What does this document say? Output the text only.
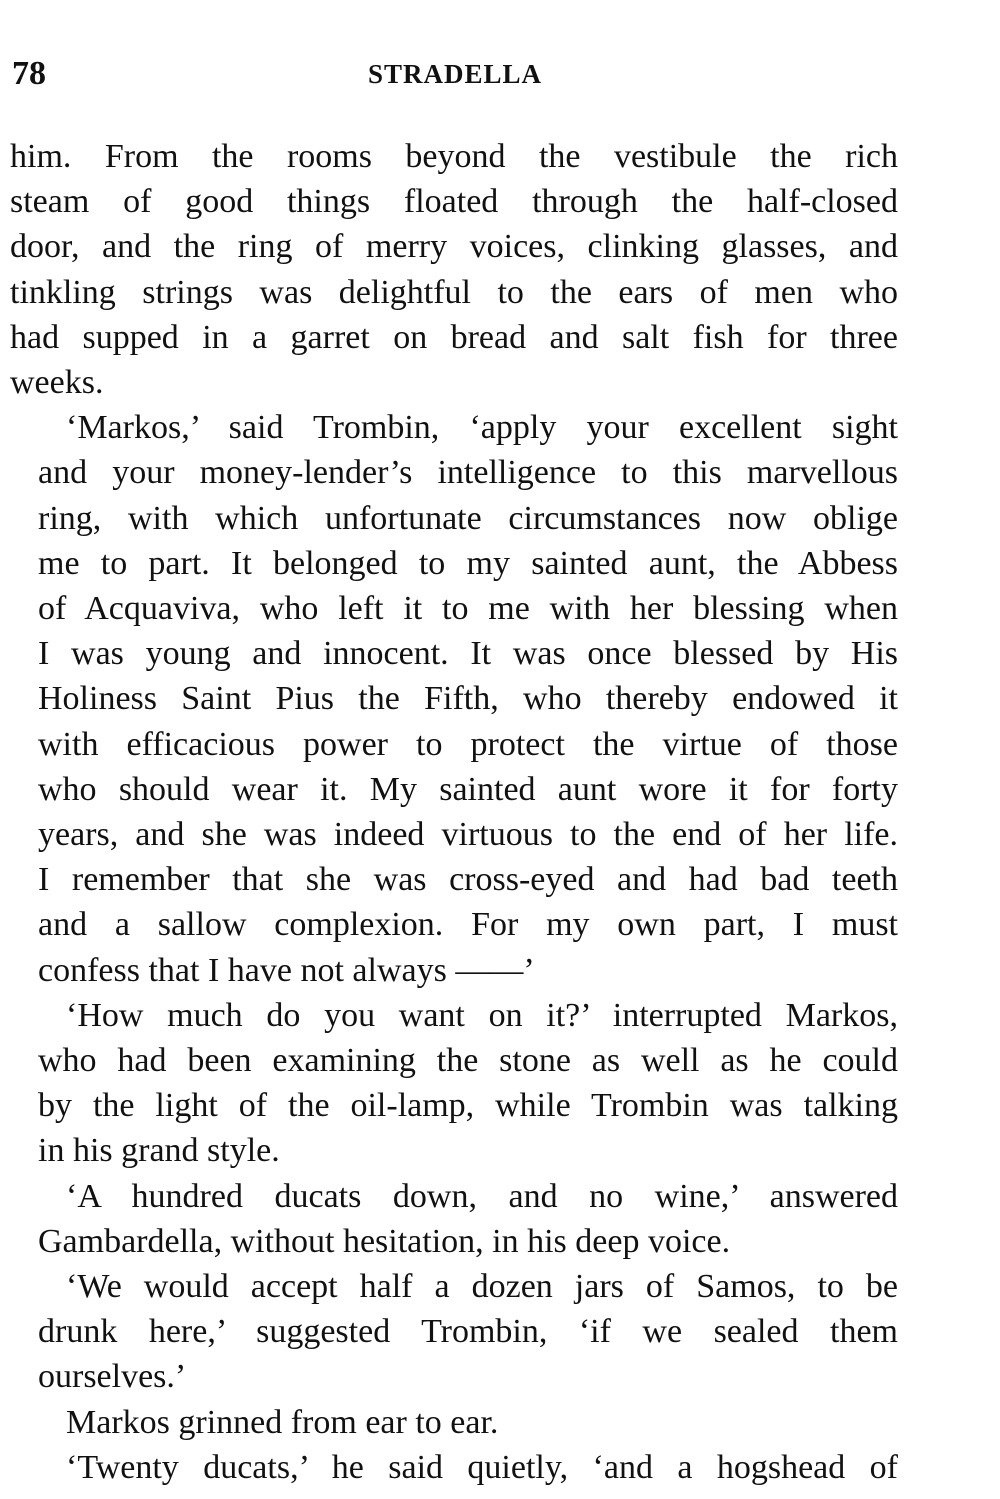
78	STRADELLA
him. From the rooms beyond the vestibule the rich
steam of good things floated through the half-closed
door, and the ring of merry voices, clinking glasses, and
tinkling strings was delightful to the ears of men who
had supped in a garret on bread and salt fish for three
weeks.
‘Markos,’ said Trombin, ‘apply your excellent sight
and your money-lender’s intelligence to this marvellous
ring, with which unfortunate circumstances now oblige
me to part. It belonged to my sainted aunt, the Abbess
of Acquaviva, who left it to me with her blessing when
I was young and innocent. It was once blessed by His
Holiness Saint Pius the Fifth, who thereby endowed it
with efficacious power to protect the virtue of those
who should wear it. My sainted aunt wore it for forty
years, and she was indeed virtuous to the end of her life.
I remember that she was cross-eyed and had bad teeth
and a sallow complexion. For my own part, I must
confess that I have not always ——’
‘How much do you want on it?’ interrupted Markos,
who had been examining the stone as well as he could
by the light of the oil-lamp, while Trombin was talking
in his grand style.
‘A hundred ducats down, and no wine,’ answered
Gambardella, without hesitation, in his deep voice.
‘We would accept half a dozen jars of Samos, to be
drunk here,’ suggested Trombin, ‘if we sealed them
ourselves.’
Markos grinned from ear to ear.
‘Twenty ducats,’ he said quietly, ‘and a hogshead of
